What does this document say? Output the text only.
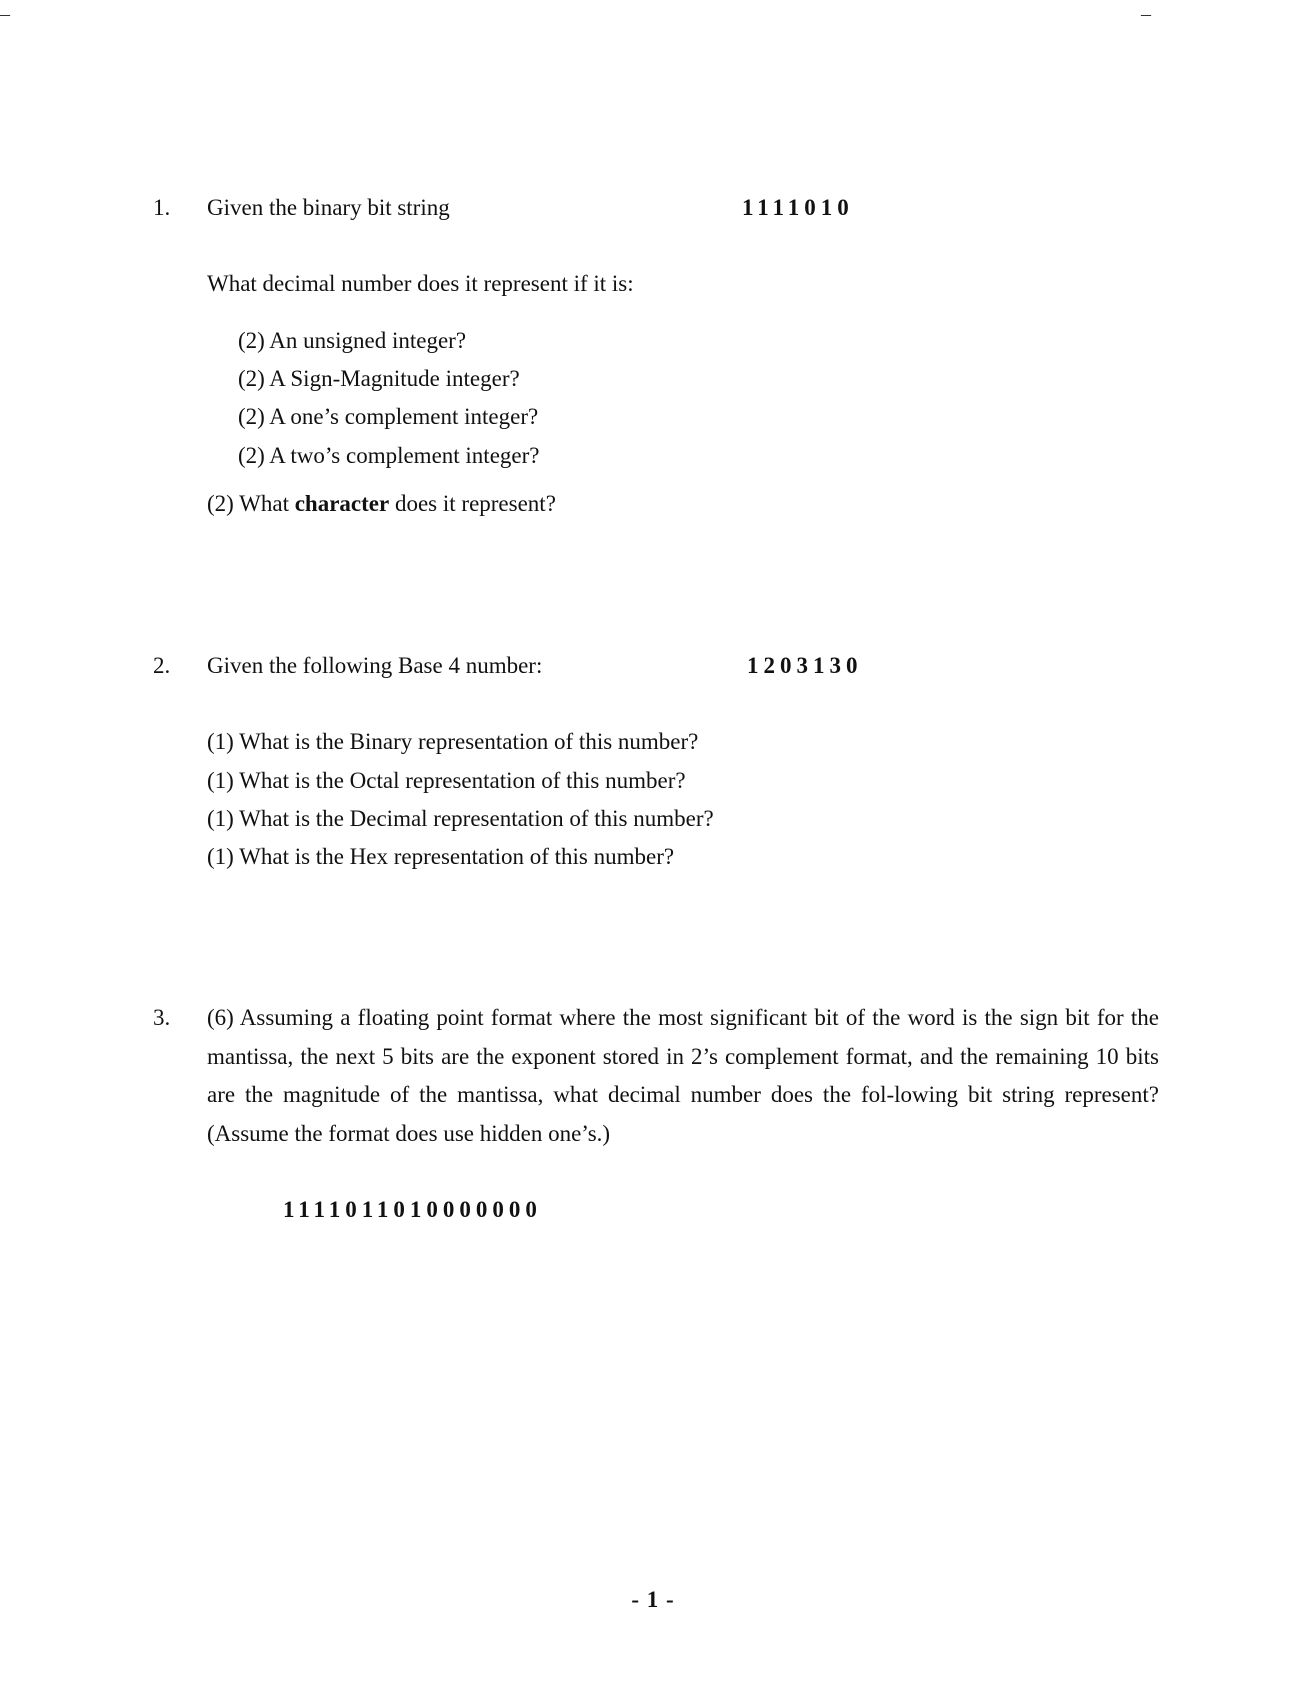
–	–
1. Given the binary bit string	1111010
What decimal number does it represent if it is:
(2) An unsigned integer?
(2) A Sign-Magnitude integer?
(2) A one’s complement integer?
(2) A two’s complement integer?
(2) What character does it represent?
2. Given the following Base 4 number:	1203130
(1) What is the Binary representation of this number?
(1) What is the Octal representation of this number?
(1) What is the Decimal representation of this number?
(1) What is the Hex representation of this number?
3. (6) Assuming a floating point format where the most significant bit of the word is the sign bit for the mantissa, the next 5 bits are the exponent stored in 2’s complement format, and the remaining 10 bits are the magnitude of the mantissa, what decimal number does the fol-lowing bit string represent? (Assume the format does use hidden one’s.)
1111011010000000
- 1 -
